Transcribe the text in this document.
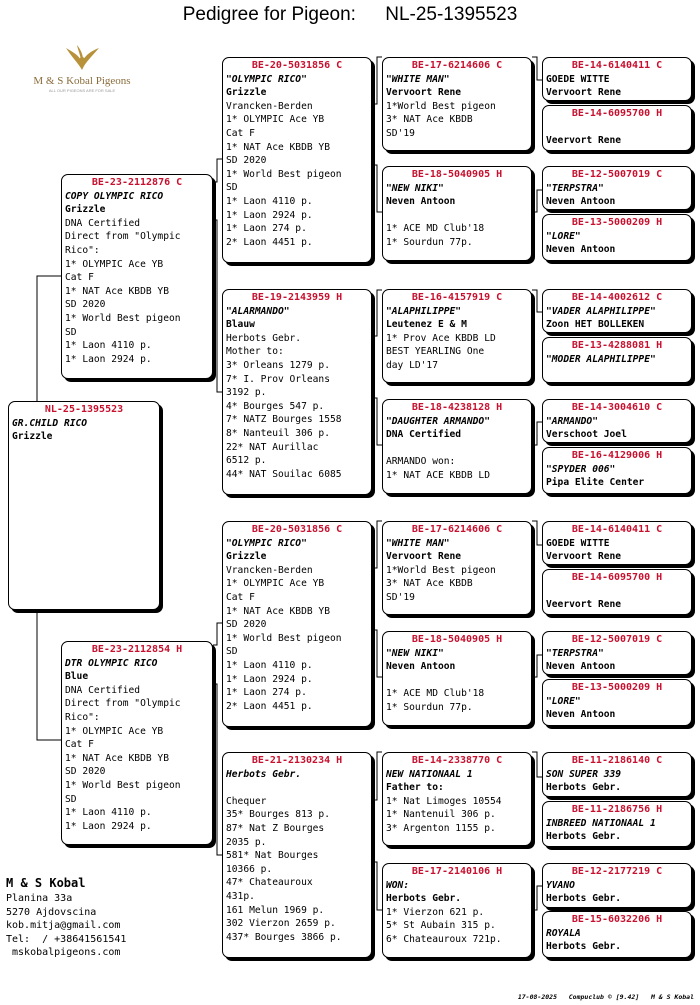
Pedigree for Pigeon: NL-25-1395523
M & S Kobal Pigeons
ALL OUR PIGEONS ARE FOR SALE
NL-25-1395523
GR.CHILD RICO
Grizzle
BE-23-2112876 C
COPY OLYMPIC RICO
Grizzle
DNA Certified
Direct from "Olympic
Rico":
1* OLYMPIC Ace YB
Cat F
1* NAT Ace KBDB YB
SD 2020
1* World Best pigeon
SD
1* Laon 4110 p.
1* Laon 2924 p.
BE-23-2112854 H
DTR OLYMPIC RICO
Blue
DNA Certified
Direct from "Olympic
Rico":
1* OLYMPIC Ace YB
Cat F
1* NAT Ace KBDB YB
SD 2020
1* World Best pigeon
SD
1* Laon 4110 p.
1* Laon 2924 p.
BE-20-5031856 C
"OLYMPIC RICO"
Grizzle
Vrancken-Berden
1* OLYMPIC Ace YB
Cat F
1* NAT Ace KBDB YB
SD 2020
1* World Best pigeon
SD
1* Laon 4110 p.
1* Laon 2924 p.
1* Laon 274 p.
2* Laon 4451 p.
BE-19-2143959 H
"ALARMANDO"
Blauw
Herbots Gebr.
Mother to:
3* Orleans 1279 p.
7* I. Prov Orleans
3192 p.
4* Bourges 547 p.
7* NATZ Bourges 1558
8* Nanteuil 306 p.
22* NAT Aurillac
6512 p.
44* NAT Souilac 6085
BE-20-5031856 C
"OLYMPIC RICO"
Grizzle
Vrancken-Berden
1* OLYMPIC Ace YB
Cat F
1* NAT Ace KBDB YB
SD 2020
1* World Best pigeon
SD
1* Laon 4110 p.
1* Laon 2924 p.
1* Laon 274 p.
2* Laon 4451 p.
BE-21-2130234 H
Herbots Gebr.

Chequer
35* Bourges 813 p.
87* Nat Z Bourges
2035 p.
581* Nat Bourges
10366 p.
47* Chateauroux
431p.
161 Melun 1969 p.
302 Vierzon 2659 p.
437* Bourges 3866 p.
BE-17-6214606 C
"WHITE MAN"
Vervoort Rene
1*World Best pigeon
3* NAT Ace KBDB
SD'19
BE-18-5040905 H
"NEW NIKI"
Neven Antoon

1* ACE MD Club'18
1* Sourdun 77p.
BE-16-4157919 C
"ALAPHILIPPE"
Leutenez E & M
1* Prov Ace KBDB LD
BEST YEARLING One
day LD'17
BE-18-4238128 H
"DAUGHTER ARMANDO"
DNA Certified

ARMANDO won:
1* NAT ACE KBDB LD
BE-17-6214606 C
"WHITE MAN"
Vervoort Rene
1*World Best pigeon
3* NAT Ace KBDB
SD'19
BE-18-5040905 H
"NEW NIKI"
Neven Antoon

1* ACE MD Club'18
1* Sourdun 77p.
BE-14-2338770 C
NEW NATIONAAL 1
Father to:
1* Nat Limoges 10554
1* Nantenuil 306 p.
3* Argenton 1155 p.
BE-17-2140106 H
WON:
Herbots Gebr.
1* Vierzon 621 p.
5* St Aubain 315 p.
6* Chateauroux 721p.
BE-14-6140411 C
GOEDE WITTE
Vervoort Rene
BE-14-6095700 H

Veervort Rene
BE-12-5007019 C
"TERPSTRA"
Neven Antoon
BE-13-5000209 H
"LORE"
Neven Antoon
BE-14-4002612 C
"VADER ALAPHILIPPE"
Zoon HET BOLLEKEN
BE-13-4288081 H
"MODER ALAPHILIPPE"
BE-14-3004610 C
"ARMANDO"
Verschoot Joel
BE-16-4129006 H
"SPYDER 006"
Pipa Elite Center
BE-14-6140411 C
GOEDE WITTE
Vervoort Rene
BE-14-6095700 H

Veervort Rene
BE-12-5007019 C
"TERPSTRA"
Neven Antoon
BE-13-5000209 H
"LORE"
Neven Antoon
BE-11-2186140 C
SON SUPER 339
Herbots Gebr.
BE-11-2186756 H
INBREED NATIONAAL 1
Herbots Gebr.
BE-12-2177219 C
YVANO
Herbots Gebr.
BE-15-6032206 H
ROYALA
Herbots Gebr.
M & S Kobal
Planina 33a
5270 Ajdovscina
kob.mitja@gmail.com
Tel:  / +38641561541
mskobalpigeons.com
17-08-2025 Compuclub © [9.42] M & S Kobal
